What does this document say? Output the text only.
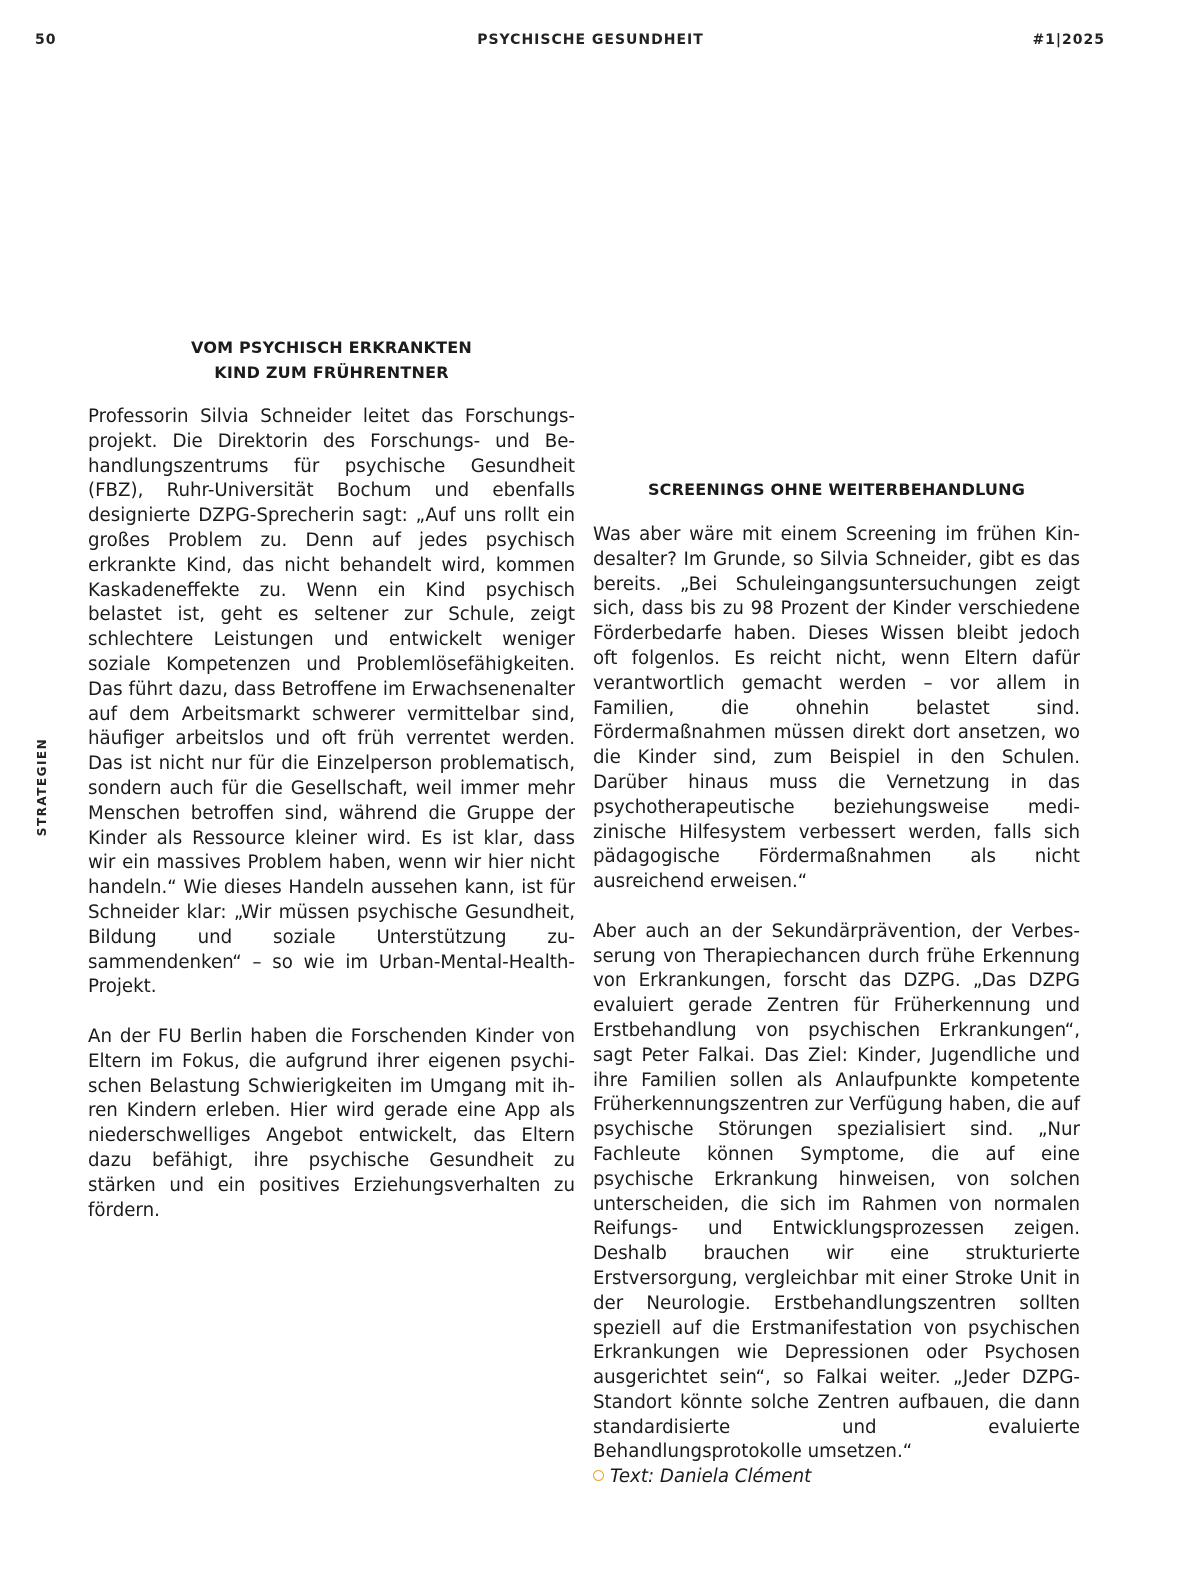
50	PSYCHISCHE GESUNDHEIT	#1|2025
STRATEGIEN
VOM PSYCHISCH ERKRANKTEN
KIND ZUM FRÜHRENTNER

Professorin Silvia Schneider leitet das Forschungsprojekt. Die Direktorin des Forschungs- und Behandlungszentrums für psychische Gesundheit (FBZ), Ruhr-Universität Bochum und ebenfalls designierte DZPG-Sprecherin sagt: „Auf uns rollt ein großes Problem zu. Denn auf jedes psychisch erkrankte Kind, das nicht behandelt wird, kommen Kaskadeneffekte zu. Wenn ein Kind psychisch belastet ist, geht es seltener zur Schule, zeigt schlechtere Leistungen und entwickelt weniger soziale Kompetenzen und Problemlösefähigkeiten. Das führt dazu, dass Betroffene im Erwachsenenalter auf dem Arbeitsmarkt schwerer vermittelbar sind, häufiger arbeitslos und oft früh verrentet werden. Das ist nicht nur für die Einzelperson problematisch, sondern auch für die Gesellschaft, weil immer mehr Menschen betroffen sind, während die Gruppe der Kinder als Ressource kleiner wird. Es ist klar, dass wir ein massives Problem haben, wenn wir hier nicht handeln.“ Wie dieses Handeln aussehen kann, ist für Schneider klar: „Wir müssen psychische Gesundheit, Bildung und soziale Unterstützung zusammendenken“ – so wie im Urban-Mental-Health-Projekt.

An der FU Berlin haben die Forschenden Kinder von Eltern im Fokus, die aufgrund ihrer eigenen psychischen Belastung Schwierigkeiten im Umgang mit ihren Kindern erleben. Hier wird gerade eine App als niederschwelliges Angebot entwickelt, das Eltern dazu befähigt, ihre psychische Gesundheit zu stärken und ein positives Erziehungsverhalten zu fördern.

SCREENINGS OHNE WEITERBEHANDLUNG

Was aber wäre mit einem Screening im frühen Kindesalter? Im Grunde, so Silvia Schneider, gibt es das bereits. „Bei Schuleingangsuntersuchungen zeigt sich, dass bis zu 98 Prozent der Kinder verschiedene Förderbedarfe haben. Dieses Wissen bleibt jedoch oft folgenlos. Es reicht nicht, wenn Eltern dafür verantwortlich gemacht werden – vor allem in Familien, die ohnehin belastet sind. Fördermaßnahmen müssen direkt dort ansetzen, wo die Kinder sind, zum Beispiel in den Schulen. Darüber hinaus muss die Vernetzung in das psychotherapeutische beziehungsweise medizinische Hilfesystem verbessert werden, falls sich pädagogische Fördermaßnahmen als nicht ausreichend erweisen.“

Aber auch an der Sekundärprävention, der Verbesserung von Therapiechancen durch frühe Erkennung von Erkrankungen, forscht das DZPG. „Das DZPG evaluiert gerade Zentren für Früherkennung und Erstbehandlung von psychischen Erkrankungen“, sagt Peter Falkai. Das Ziel: Kinder, Jugendliche und ihre Familien sollen als Anlaufpunkte kompetente Früherkennungszentren zur Verfügung haben, die auf psychische Störungen spezialisiert sind. „Nur Fachleute können Symptome, die auf eine psychische Erkrankung hinweisen, von solchen unterscheiden, die sich im Rahmen von normalen Reifungs- und Entwicklungsprozessen zeigen. Deshalb brauchen wir eine strukturierte Erstversorgung, vergleichbar mit einer Stroke Unit in der Neurologie. Erstbehandlungszentren sollten speziell auf die Erstmanifestation von psychischen Erkrankungen wie Depressionen oder Psychosen ausgerichtet sein“, so Falkai weiter. „Jeder DZPG-Standort könnte solche Zentren aufbauen, die dann standardisierte und evaluierte Behandlungsprotokolle umsetzen.“

Text: Daniela Clément
